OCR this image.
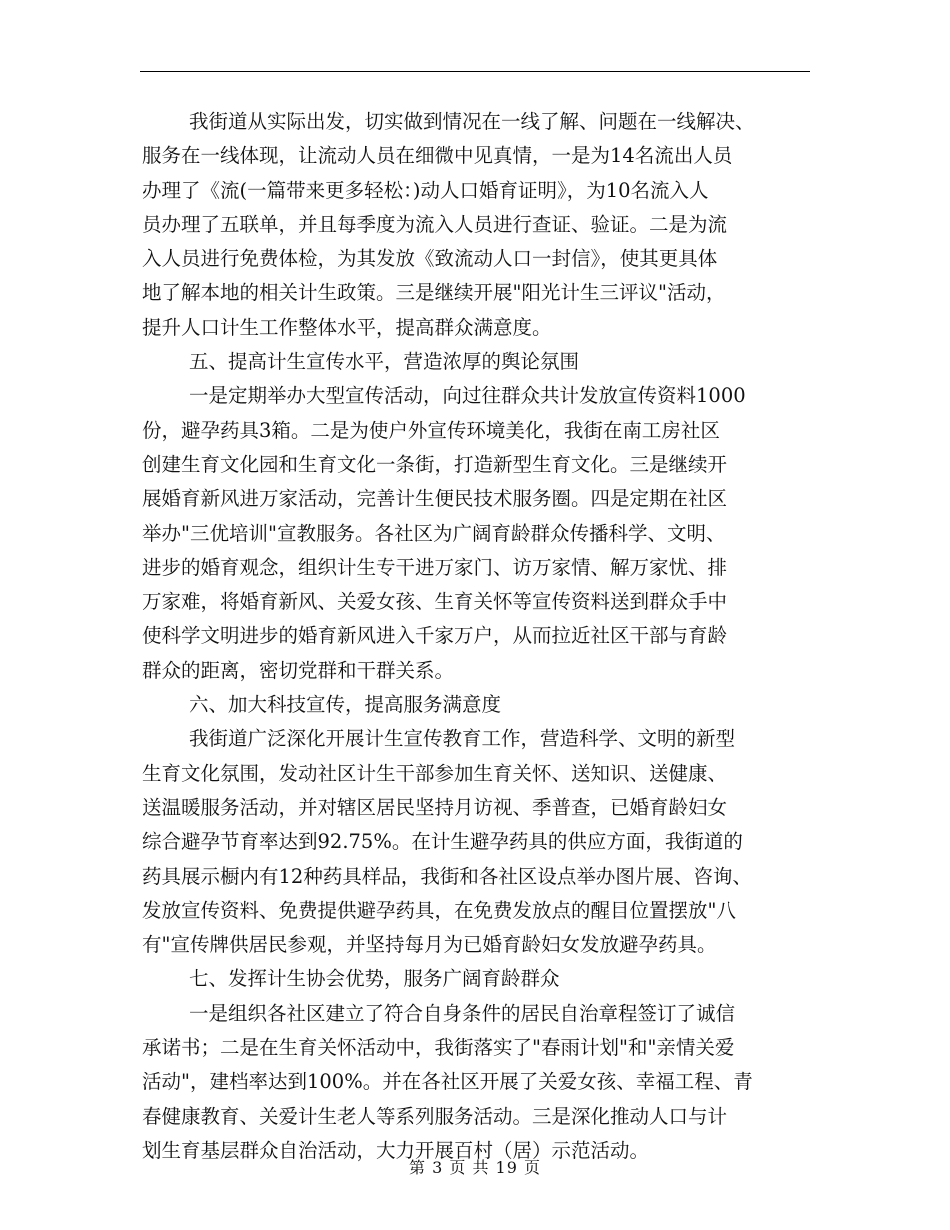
我街道从实际出发，切实做到情况在一线了解、问题在一线解决、
服务在一线体现，让流动人员在细微中见真情，一是为14名流出人员
办理了《流(一篇带来更多轻松：)动人口婚育证明》，为10名流入人
员办理了五联单，并且每季度为流入人员进行查证、验证。二是为流
入人员进行免费体检，为其发放《致流动人口一封信》，使其更具体
地了解本地的相关计生政策。三是继续开展"阳光计生三评议"活动，
提升人口计生工作整体水平，提高群众满意度。
五、提高计生宣传水平，营造浓厚的舆论氛围
一是定期举办大型宣传活动，向过往群众共计发放宣传资料1000
份，避孕药具3箱。二是为使户外宣传环境美化，我街在南工房社区
创建生育文化园和生育文化一条街，打造新型生育文化。三是继续开
展婚育新风进万家活动，完善计生便民技术服务圈。四是定期在社区
举办"三优培训"宣教服务。各社区为广阔育龄群众传播科学、文明、
进步的婚育观念，组织计生专干进万家门、访万家情、解万家忧、排
万家难，将婚育新风、关爱女孩、生育关怀等宣传资料送到群众手中
使科学文明进步的婚育新风进入千家万户，从而拉近社区干部与育龄
群众的距离，密切党群和干群关系。
六、加大科技宣传，提高服务满意度
我街道广泛深化开展计生宣传教育工作，营造科学、文明的新型
生育文化氛围，发动社区计生干部参加生育关怀、送知识、送健康、
送温暖服务活动，并对辖区居民坚持月访视、季普查，已婚育龄妇女
综合避孕节育率达到92.75%。在计生避孕药具的供应方面，我街道的
药具展示橱内有12种药具样品，我街和各社区设点举办图片展、咨询、
发放宣传资料、免费提供避孕药具，在免费发放点的醒目位置摆放"八
有"宣传牌供居民参观，并坚持每月为已婚育龄妇女发放避孕药具。
七、发挥计生协会优势，服务广阔育龄群众
一是组织各社区建立了符合自身条件的居民自治章程签订了诚信
承诺书；二是在生育关怀活动中，我街落实了"春雨计划"和"亲情关爱
活动"，建档率达到100%。并在各社区开展了关爱女孩、幸福工程、青
春健康教育、关爱计生老人等系列服务活动。三是深化推动人口与计
划生育基层群众自治活动，大力开展百村（居）示范活动。
第 3 页 共 19 页
